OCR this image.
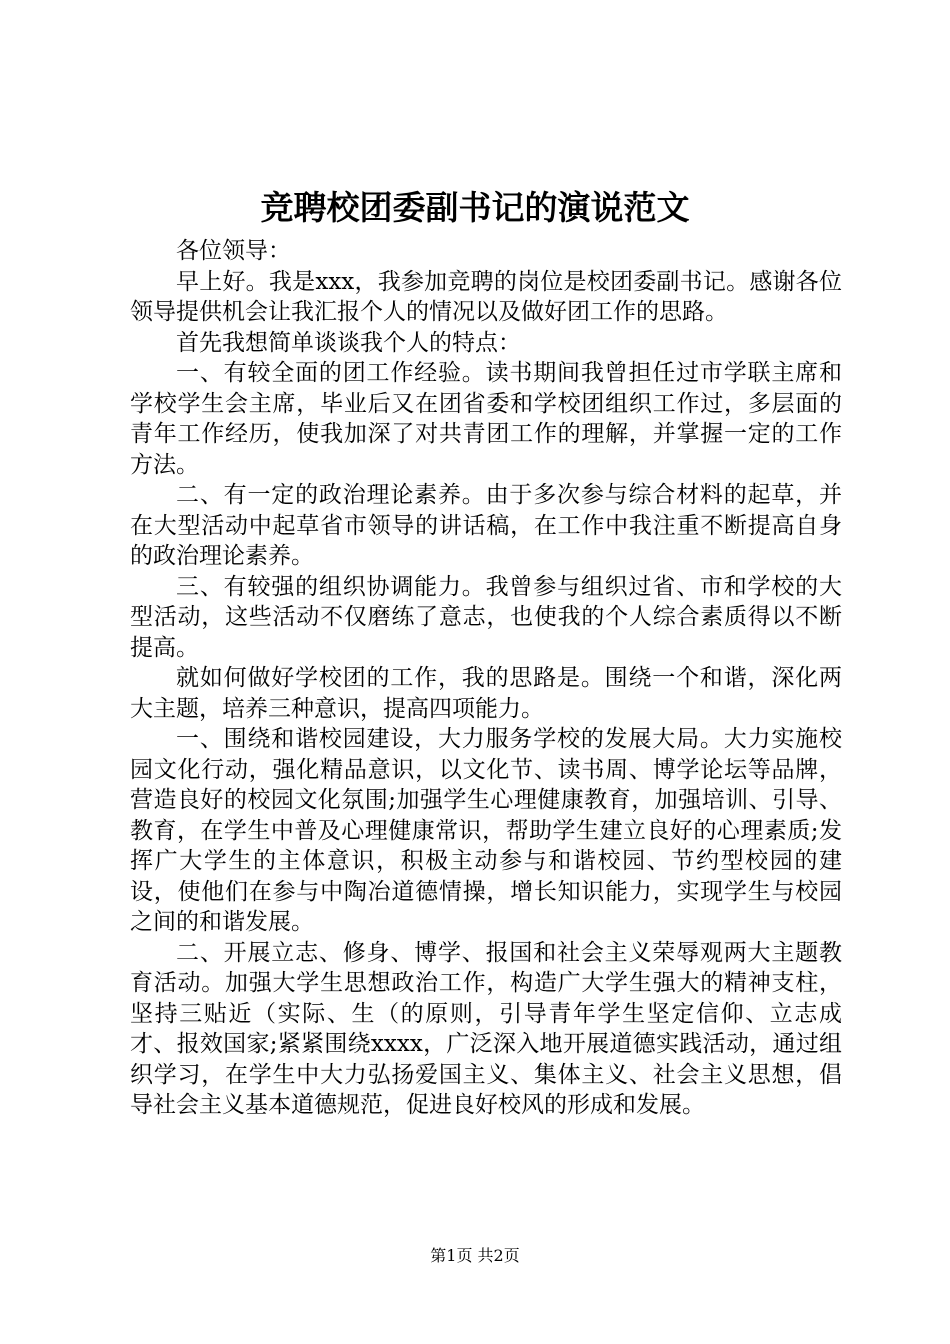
竞聘校团委副书记的演说范文

各位领导：

早上好。我是xxx，我参加竞聘的岗位是校团委副书记。感谢各位领导提供机会让我汇报个人的情况以及做好团工作的思路。

首先我想简单谈谈我个人的特点：

一、有较全面的团工作经验。读书期间我曾担任过市学联主席和学校学生会主席，毕业后又在团省委和学校团组织工作过，多层面的青年工作经历，使我加深了对共青团工作的理解，并掌握一定的工作方法。

二、有一定的政治理论素养。由于多次参与综合材料的起草，并在大型活动中起草省市领导的讲话稿，在工作中我注重不断提高自身的政治理论素养。

三、有较强的组织协调能力。我曾参与组织过省、市和学校的大型活动，这些活动不仅磨练了意志，也使我的个人综合素质得以不断提高。

就如何做好学校团的工作，我的思路是。围绕一个和谐，深化两大主题，培养三种意识，提高四项能力。

一、围绕和谐校园建设，大力服务学校的发展大局。大力实施校园文化行动，强化精品意识，以文化节、读书周、博学论坛等品牌，营造良好的校园文化氛围;加强学生心理健康教育，加强培训、引导、教育，在学生中普及心理健康常识，帮助学生建立良好的心理素质;发挥广大学生的主体意识，积极主动参与和谐校园、节约型校园的建设，使他们在参与中陶冶道德情操，增长知识能力，实现学生与校园之间的和谐发展。

二、开展立志、修身、博学、报国和社会主义荣辱观两大主题教育活动。加强大学生思想政治工作，构造广大学生强大的精神支柱，坚持三贴近（实际、生（的原则，引导青年学生坚定信仰、立志成才、报效国家;紧紧围绕xxxx，广泛深入地开展道德实践活动，通过组织学习，在学生中大力弘扬爱国主义、集体主义、社会主义思想，倡导社会主义基本道德规范，促进良好校风的形成和发展。

第1页 共2页
